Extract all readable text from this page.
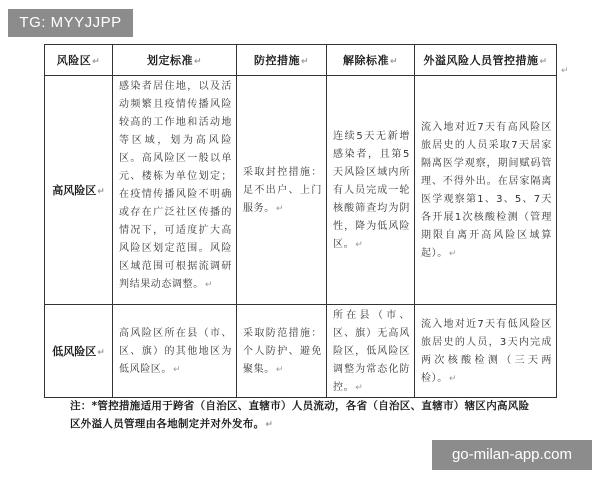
TG: MYYJJPP
风险区↵	划定标准↵	防控措施↵	解除标准↵	外溢风险人员管控措施↵
高风险区↵	感染者居住地，以及活动频繁且疫情传播风险较高的工作地和活动地等区域，划为高风险区。高风险区一般以单元、楼栋为单位划定；在疫情传播风险不明确或存在广泛社区传播的情况下，可适度扩大高风险区划定范围。风险区域范围可根据流调研判结果动态调整。↵	采取封控措施：足不出户、上门服务。↵	连续5天无新增感染者，且第5天风险区域内所有人员完成一轮核酸筛查均为阴性，降为低风险区。↵	流入地对近7天有高风险区旅居史的人员采取7天居家隔离医学观察，期间赋码管理、不得外出。在居家隔离医学观察第1、3、5、7天各开展1次核酸检测（管理期限自离开高风险区域算起）。↵

低风险区↵	高风险区所在县（市、区、旗）的其他地区为低风险区。↵	采取防范措施：个人防护、避免聚集。↵	所在县（市、区、旗）无高风险区，低风险区调整为常态化防控。↵	流入地对近7天有低风险区旅居史的人员，3天内完成两次核酸检测（三天两检）。↵
↵
注：*管控措施适用于跨省（自治区、直辖市）人员流动，各省（自治区、直辖市）辖区内高风险区外溢人员管理由各地制定并对外发布。↵
go-milan-app.com
